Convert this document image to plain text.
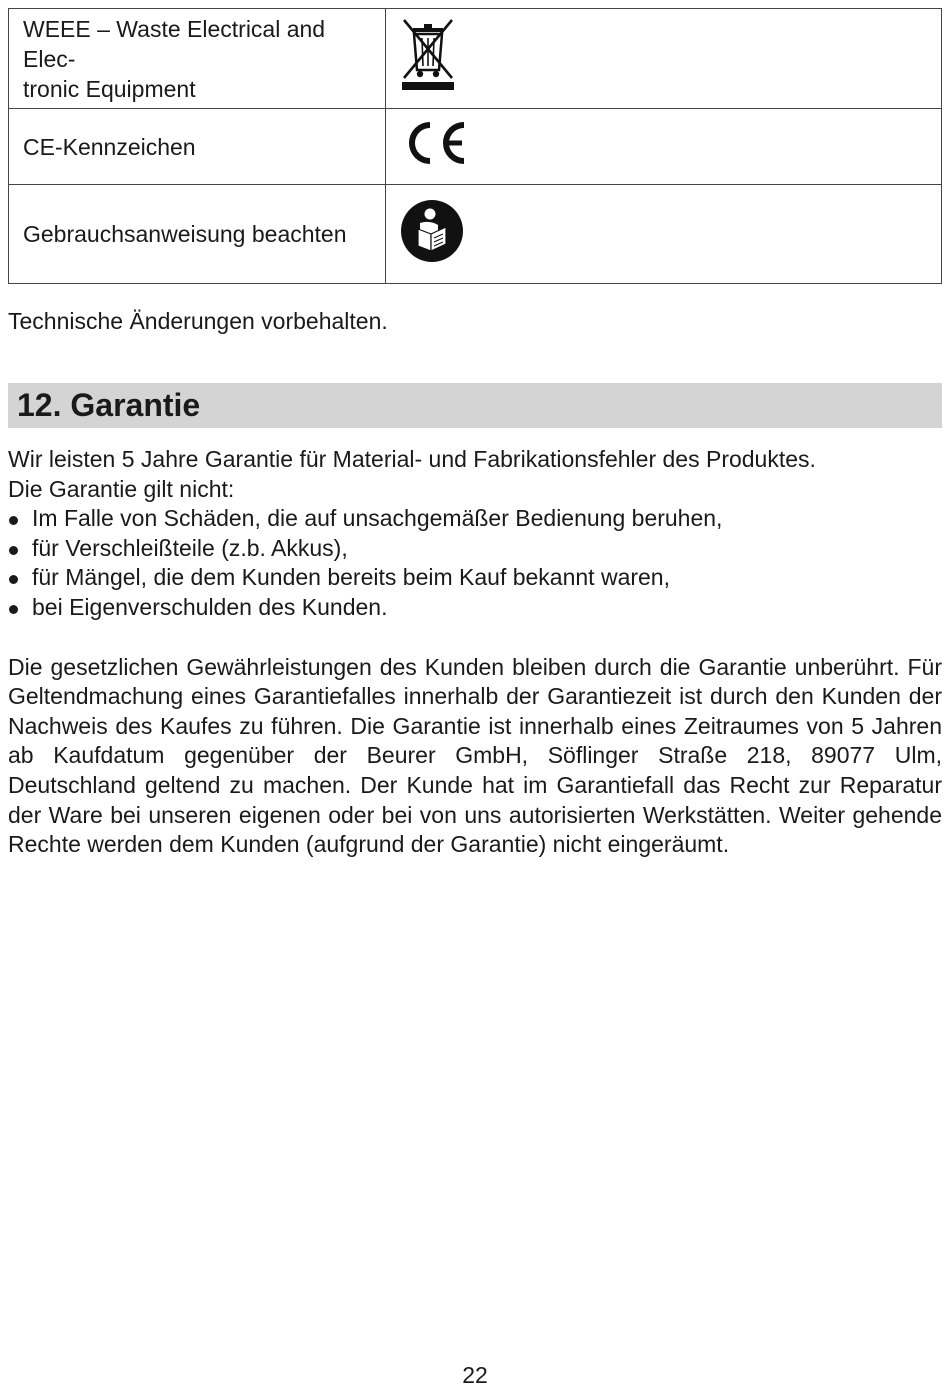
WEEE – Waste Electrical and Elec-
tronic Equipment	
CE-Kennzeichen	
Gebrauchsanweisung beachten	
Technische Änderungen vorbehalten.
12. Garantie

Wir leisten 5 Jahre Garantie für Material- und Fabrikationsfehler des Produktes.

Die Garantie gilt nicht:

Im Falle von Schäden, die auf unsachgemäßer Bedienung beruhen,
für Verschleißteile (z.b. Akkus),
für Mängel, die dem Kunden bereits beim Kauf bekannt waren,
bei Eigenverschulden des Kunden.

Die gesetzlichen Gewährleistungen des Kunden bleiben durch die Garantie unberührt. Für Geltendmachung eines Garantiefalles innerhalb der Garantiezeit ist durch den Kunden der Nachweis des Kaufes zu führen. Die Garantie ist innerhalb eines Zeitraumes von 5 Jahren ab Kaufdatum gegenüber der Beurer GmbH, Söflinger Straße 218, 89077 Ulm, Deutschland geltend zu machen. Der Kunde hat im Garantiefall das Recht zur Reparatur der Ware bei unseren eigenen oder bei von uns autorisierten Werkstätten. Weiter gehende Rechte werden dem Kunden (aufgrund der Garantie) nicht eingeräumt.

22
